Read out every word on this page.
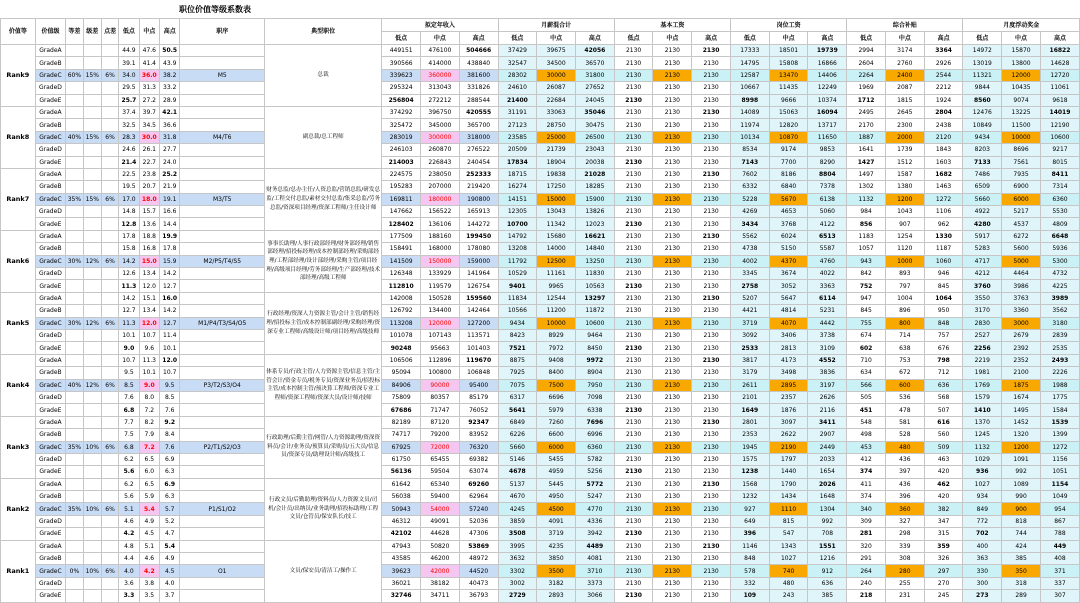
职位价值等级系数表
价值等	价值级	等差	级差	点差	低点	中点	高点	职序	典型职位	拟定年收入			月薪混合计			基本工资			岗位工资			综合补贴			月度浮动奖金		
										低点	中点	高点	低点	中点	高点	低点	中点	高点	低点	中点	高点	低点	中点	高点	低点	中点	高点
Rank9	GradeA				44.9	47.6	50.5		总裁	449151	476100	504666	37429	39675	42056	2130	2130	2130	17333	18501	19739	2994	3174	3364	14972	15870	16822
	GradeB				39.1	41.4	43.9			390566	414000	438840	32547	34500	36570	2130	2130	2130	14795	15808	16866	2604	2760	2926	13019	13800	14628
	GradeC	60%	15%	6%	34.0	36.0	38.2	M5		339623	360000	381600	28302	30000	31800	2130	2130	2130	12587	13470	14406	2264	2400	2544	11321	12000	12720
	GradeD				29.5	31.3	33.2			295324	313043	331826	24610	26087	27652	2130	2130	2130	10667	11435	12249	1969	2087	2212	9844	10435	11061
	GradeE				25.7	27.2	28.9			256804	272212	288544	21400	22684	24045	2130	2130	2130	8998	9666	10374	1712	1815	1924	8560	9074	9618
Rank8	GradeA				37.4	39.7	42.1		副总裁/总工程师	374292	396750	420555	31191	33063	35046	2130	2130	2130	14089	15063	16094	2495	2645	2804	12476	13225	14019
	GradeB				32.5	34.5	36.6			325472	345000	365700	27123	28750	30475	2130	2130	2130	11974	12820	13717	2170	2300	2438	10849	11500	12190
	GradeC	40%	15%	6%	28.3	30.0	31.8	M4/T6		283019	300000	318000	23585	25000	26500	2130	2130	2130	10134	10870	11650	1887	2000	2120	9434	10000	10600
	GradeD				24.6	26.1	27.7			246103	260870	276522	20509	21739	23043	2130	2130	2130	8534	9174	9853	1641	1739	1843	8203	8696	9217
	GradeE				21.4	22.7	24.0			214003	226843	240454	17834	18904	20038	2130	2130	2130	7143	7700	8290	1427	1512	1603	7133	7561	8015
Rank7	GradeA				22.5	23.8	25.2		财务总监/总办主任/人资总监/营销总监/研发总监/工程交付总监/素材交付总监/集采总监/劳务总监/资深项目经理/资深工程师/主任设计师	224575	238050	252333	18715	19838	21028	2130	2130	2130	7602	8186	8804	1497	1587	1682	7486	7935	8411
	GradeB				19.5	20.7	21.9			195283	207000	219420	16274	17250	18285	2130	2130	2130	6332	6840	7378	1302	1380	1463	6509	6900	7314
	GradeC	35%	15%	6%	17.0	18.0	19.1	M3/T5		169811	180000	190800	14151	15000	15900	2130	2130	2130	5228	5670	6138	1132	1200	1272	5660	6000	6360
	GradeD				14.8	15.7	16.6			147662	156522	165913	12305	13043	13826	2130	2130	2130	4269	4653	5060	984	1043	1106	4922	5217	5530
	GradeE				12.8	13.6	14.4			128402	136106	144272	10700	11342	12023	2130	2130	2130	3434	3768	4122	856	907	962	4280	4537	4809
Rank6	GradeA				17.8	18.8	19.9		事事长助理/人事行政部经理/财务部经理/销售部经理/招投标经理/成本控制部经理/采购部经理/工程部经理/设计部经理/采购主管/项目经理/高级项目经理/劳务部经理/生产部经理/技术部经理/高级工程师	177509	188160	199450	14792	15680	16621	2130	2130	2130	5562	6024	6513	1183	1254	1330	5917	6272	6648
	GradeB				15.8	16.8	17.8			158491	168000	178080	13208	14000	14840	2130	2130	2130	4738	5150	5587	1057	1120	1187	5283	5600	5936
	GradeC	30%	12%	6%	14.2	15.0	15.9	M2/P5/T4/S5		141509	150000	159000	11792	12500	13250	2130	2130	2130	4002	4370	4760	943	1000	1060	4717	5000	5300
	GradeD				12.6	13.4	14.2			126348	133929	141964	10529	11161	11830	2130	2130	2130	3345	3674	4022	842	893	946	4212	4464	4732
	GradeE				11.3	12.0	12.7			112810	119579	126754	9401	9965	10563	2130	2130	2130	2758	3052	3363	752	797	845	3760	3986	4225
Rank5	GradeA				14.2	15.1	16.0		行政经理/资深人力资源主管/会计主管/销售经理/招投标主管/成本控制部副经理/采购经理/资深专业工程师/高级设计师/项目经理/高级技师	142008	150528	159560	11834	12544	13297	2130	2130	2130	5207	5647	6114	947	1004	1064	3550	3763	3989
	GradeB				12.7	13.4	14.2			126792	134400	142464	10566	11200	11872	2130	2130	2130	4421	4814	5231	845	896	950	3170	3360	3562
	GradeC	30%	12%	6%	11.3	12.0	12.7	M1/P4/T3/S4/O5		113208	120000	127200	9434	10000	10600	2130	2130	2130	3719	4070	4442	755	800	848	2830	3000	3180
	GradeD				10.1	10.7	11.4			101078	107143	113571	8423	8929	9464	2130	2130	2130	3092	3406	3738	674	714	757	2527	2679	2839
	GradeE				9.0	9.6	10.1			90248	95663	101403	7521	7972	8450	2130	2130	2130	2533	2813	3109	602	638	676	2256	2392	2535
Rank4	GradeA				10.7	11.3	12.0		体系专员/行政主管/人力资源主管/信息主管/主管会计/资金专员/税务专员/资深业务员/招投标主管/成本控制主管/预决算工程师/资深专业工程师/资深工程师/资深大员/设计师/技师	106506	112896	119670	8875	9408	9972	2130	2130	2130	3817	4173	4552	710	753	798	2219	2352	2493
	GradeB				9.5	10.1	10.7			95094	100800	106848	7925	8400	8904	2130	2130	2130	3179	3498	3836	634	672	712	1981	2100	2226
	GradeC	40%	12%	6%	8.5	9.0	9.5	P3/T2/S3/O4		84906	90000	95400	7075	7500	7950	2130	2130	2130	2611	2895	3197	566	600	636	1769	1875	1988
	GradeD				7.6	8.0	8.5			75809	80357	85179	6317	6696	7098	2130	2130	2130	2101	2357	2626	505	536	568	1579	1674	1775
	GradeE				6.8	7.2	7.6			67686	71747	76052	5641	5979	6338	2130	2130	2130	1649	1876	2116	451	478	507	1410	1495	1584
Rank3	GradeA				7.7	8.2	9.2		行政助理/后勤主管/网管/人力资源助理/资深资料员/会计/业务员/预算员/采购员/五大员/信息员/资深专员/助理设计师/高级技工	82189	87120	92347	6849	7260	7696	2130	2130	2130	2801	3097	3411	548	581	616	1370	1452	1539
	GradeB				7.5	7.9	8.4			74717	79200	83952	6226	6600	6996	2130	2130	2130	2353	2622	2907	498	528	560	1245	1320	1399
	GradeC	35%	10%	6%	6.8	7.2	7.6	P2/T1/S2/O3		67925	72000	76320	5660	6000	6360	2130	2130	2130	1945	2190	2449	453	480	509	1132	1200	1272
	GradeD				6.2	6.5	6.9			61750	65455	69382	5146	5455	5782	2130	2130	2130	1575	1797	2033	412	436	463	1029	1091	1156
	GradeE				5.6	6.0	6.3			56136	59504	63074	4678	4959	5256	2130	2130	2130	1238	1440	1654	374	397	420	936	992	1051
Rank2	GradeA				6.2	6.5	6.9		行政文员/后勤助理/资料员/人力资源文员/司机/会计员/出纳员/业务助理/招投标助理/工程文员/仓管员/保安队长/技工	61642	65340	69260	5137	5445	5772	2130	2130	2130	1568	1790	2026	411	436	462	1027	1089	1154
	GradeB				5.6	5.9	6.3			56038	59400	62964	4670	4950	5247	2130	2130	2130	1232	1434	1648	374	396	420	934	990	1049
	GradeC	35%	10%	6%	5.1	5.4	5.7	P1/S1/O2		50943	54000	57240	4245	4500	4770	2130	2130	2130	927	1110	1304	340	360	382	849	900	954
	GradeD				4.6	4.9	5.2			46312	49091	52036	3859	4091	4336	2130	2130	2130	649	815	992	309	327	347	772	818	867
	GradeE				4.2	4.5	4.7			42102	44628	47306	3508	3719	3942	2130	2130	2130	396	547	708	281	298	315	702	744	788
Rank1	GradeA				4.8	5.1	5.4		文员/保安员/清洁工/操作工	47943	50820	53869	3995	4235	4489	2130	2130	2130	1146	1343	1551	320	339	359	400	424	449
	GradeB				4.4	4.6	4.9			43585	46200	48972	3632	3850	4081	2130	2130	2130	848	1027	1216	291	308	326	363	385	408
	GradeC	0%	10%	6%	4.0	4.2	4.5	O1		39623	42000	44520	3302	3500	3710	2130	2130	2130	578	740	912	264	280	297	330	350	371
	GradeD				3.6	3.8	4.0			36021	38182	40473	3002	3182	3373	2130	2130	2130	332	480	636	240	255	270	300	318	337
	GradeE				3.3	3.5	3.7			32746	34711	36793	2729	2893	3066	2130	2130	2130	109	243	385	218	231	245	273	289	307
